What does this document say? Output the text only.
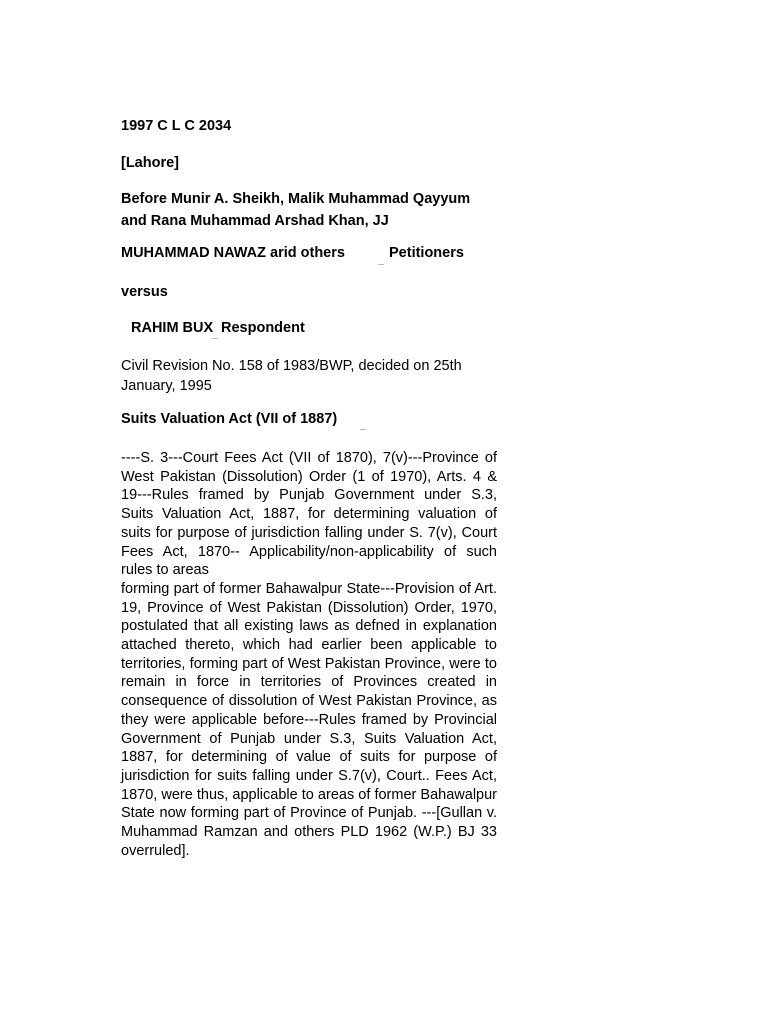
1997 C L C 2034

[Lahore]

Before Munir A. Sheikh, Malik Muhammad Qayyum

and Rana Muhammad Arshad Khan, JJ

MUHAMMAD NAWAZ arid others

---

Petitioners

versus

RAHIM BUX

---

Respondent

Civil Revision No. 158 of 1983/BWP, decided on 25th January, 1995

Suits Valuation Act (VII of 1887)

---

----S. 3---Court Fees Act (VII of 1870), 7(v)---Province of West Pakistan (Dissolution) Order (1 of 1970), Arts. 4 & 19---Rules framed by Punjab Government under S.3, Suits Valuation Act, 1887, for determining valuation of suits for purpose of jurisdiction falling under S. 7(v), Court Fees Act, 1870-- Applicability/non-applicability of such rules to areas

forming part of former Bahawalpur State---Provision of Art. 19, Province of West Pakistan (Dissolution) Order, 1970, postulated that all existing laws as defned in explanation attached thereto, which had earlier been applicable to territories, forming part of West Pakistan Province, were to remain in force in territories of Provinces created in consequence of dissolution of West Pakistan Province, as they were applicable before---Rules framed by Provincial Government of Punjab under S.3, Suits Valuation Act, 1887, for determining of value of suits for purpose of jurisdiction for suits falling under S.7(v), Court.. Fees Act, 1870, were thus, applicable to areas of former Bahawalpur State now forming part of Province of Punjab. ---[Gullan v. Muhammad Ramzan and others PLD 1962 (W.P.) BJ 33 overruled].
